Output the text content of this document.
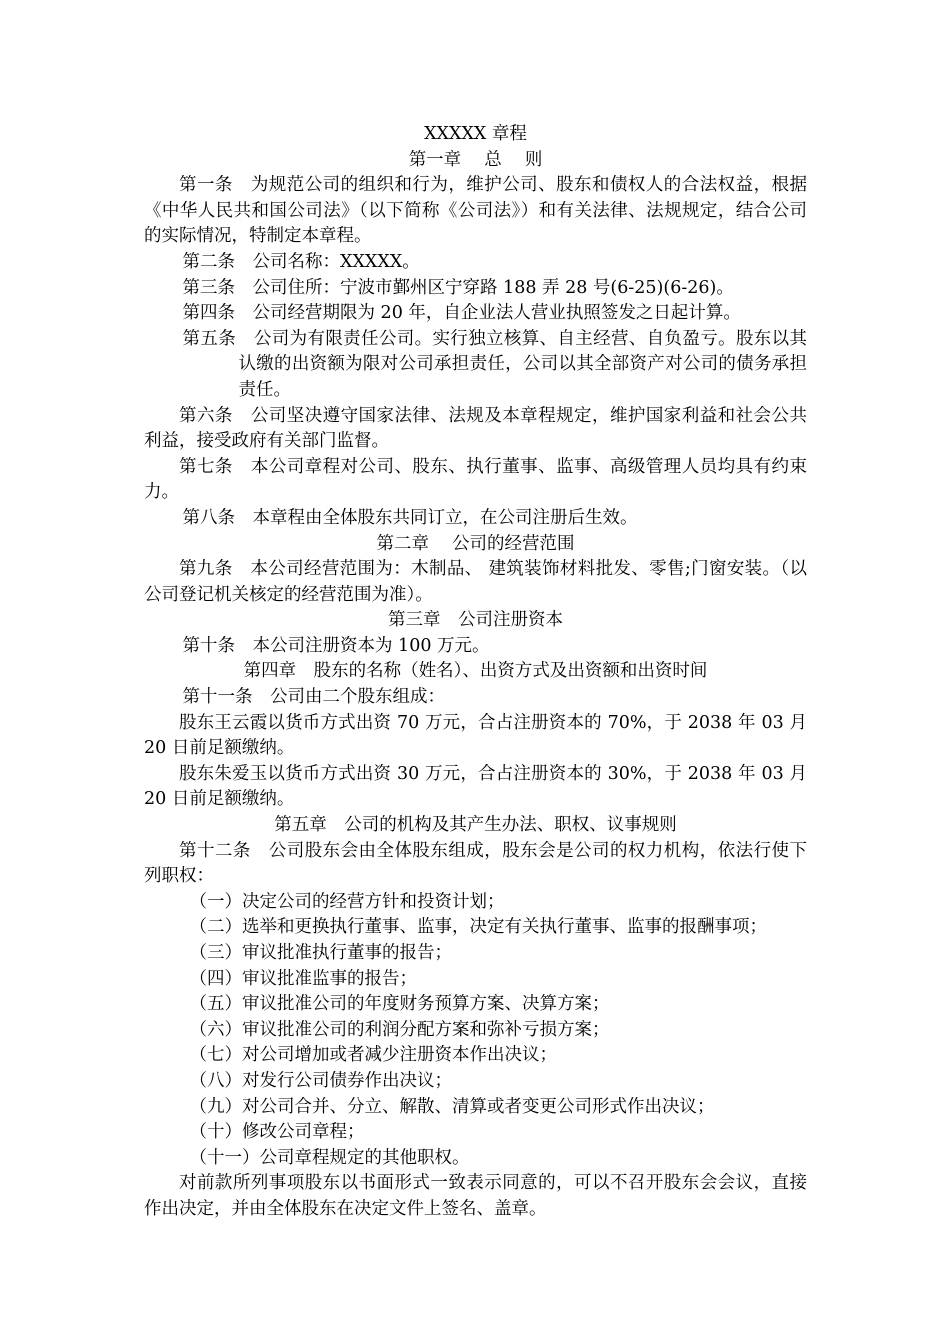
XXXXX 章程
第一章　 总　 则

第一条　为规范公司的组织和行为，维护公司、股东和债权人的合法权益，根据《中华人民共和国公司法》（以下简称《公司法》）和有关法律、法规规定，结合公司的实际情况，特制定本章程。

第二条　公司名称：XXXXX。

第三条　公司住所：宁波市鄞州区宁穿路 188 弄 28 号(6-25)(6-26)。

第四条　公司经营期限为 20 年，自企业法人营业执照签发之日起计算。

第五条　公司为有限责任公司。实行独立核算、自主经营、自负盈亏。股东以其认缴的出资额为限对公司承担责任，公司以其全部资产对公司的债务承担责任。

第六条　公司坚决遵守国家法律、法规及本章程规定，维护国家利益和社会公共利益，接受政府有关部门监督。

第七条　本公司章程对公司、股东、执行董事、监事、高级管理人员均具有约束力。

第八条　本章程由全体股东共同订立，在公司注册后生效。

第二章　 公司的经营范围

第九条　本公司经营范围为：木制品、 建筑装饰材料批发、零售;门窗安装。（以公司登记机关核定的经营范围为准）。

第三章　公司注册资本

第十条　本公司注册资本为 100 万元。

第四章　股东的名称（姓名）、出资方式及出资额和出资时间

第十一条　公司由二个股东组成：

股东王云霞以货币方式出资 70 万元，合占注册资本的 70%，于 2038 年 03 月 20 日前足额缴纳。

股东朱爱玉以货币方式出资 30 万元，合占注册资本的 30%，于 2038 年 03 月 20 日前足额缴纳。

第五章　公司的机构及其产生办法、职权、议事规则

第十二条　公司股东会由全体股东组成，股东会是公司的权力机构，依法行使下列职权：

（一）决定公司的经营方针和投资计划；

（二）选举和更换执行董事、监事，决定有关执行董事、监事的报酬事项；

（三）审议批准执行董事的报告；

（四）审议批准监事的报告；

（五）审议批准公司的年度财务预算方案、决算方案；

（六）审议批准公司的利润分配方案和弥补亏损方案；

（七）对公司增加或者减少注册资本作出决议；

（八）对发行公司债券作出决议；

（九）对公司合并、分立、解散、清算或者变更公司形式作出决议；

（十）修改公司章程；

（十一）公司章程规定的其他职权。

对前款所列事项股东以书面形式一致表示同意的，可以不召开股东会会议，直接作出决定，并由全体股东在决定文件上签名、盖章。
